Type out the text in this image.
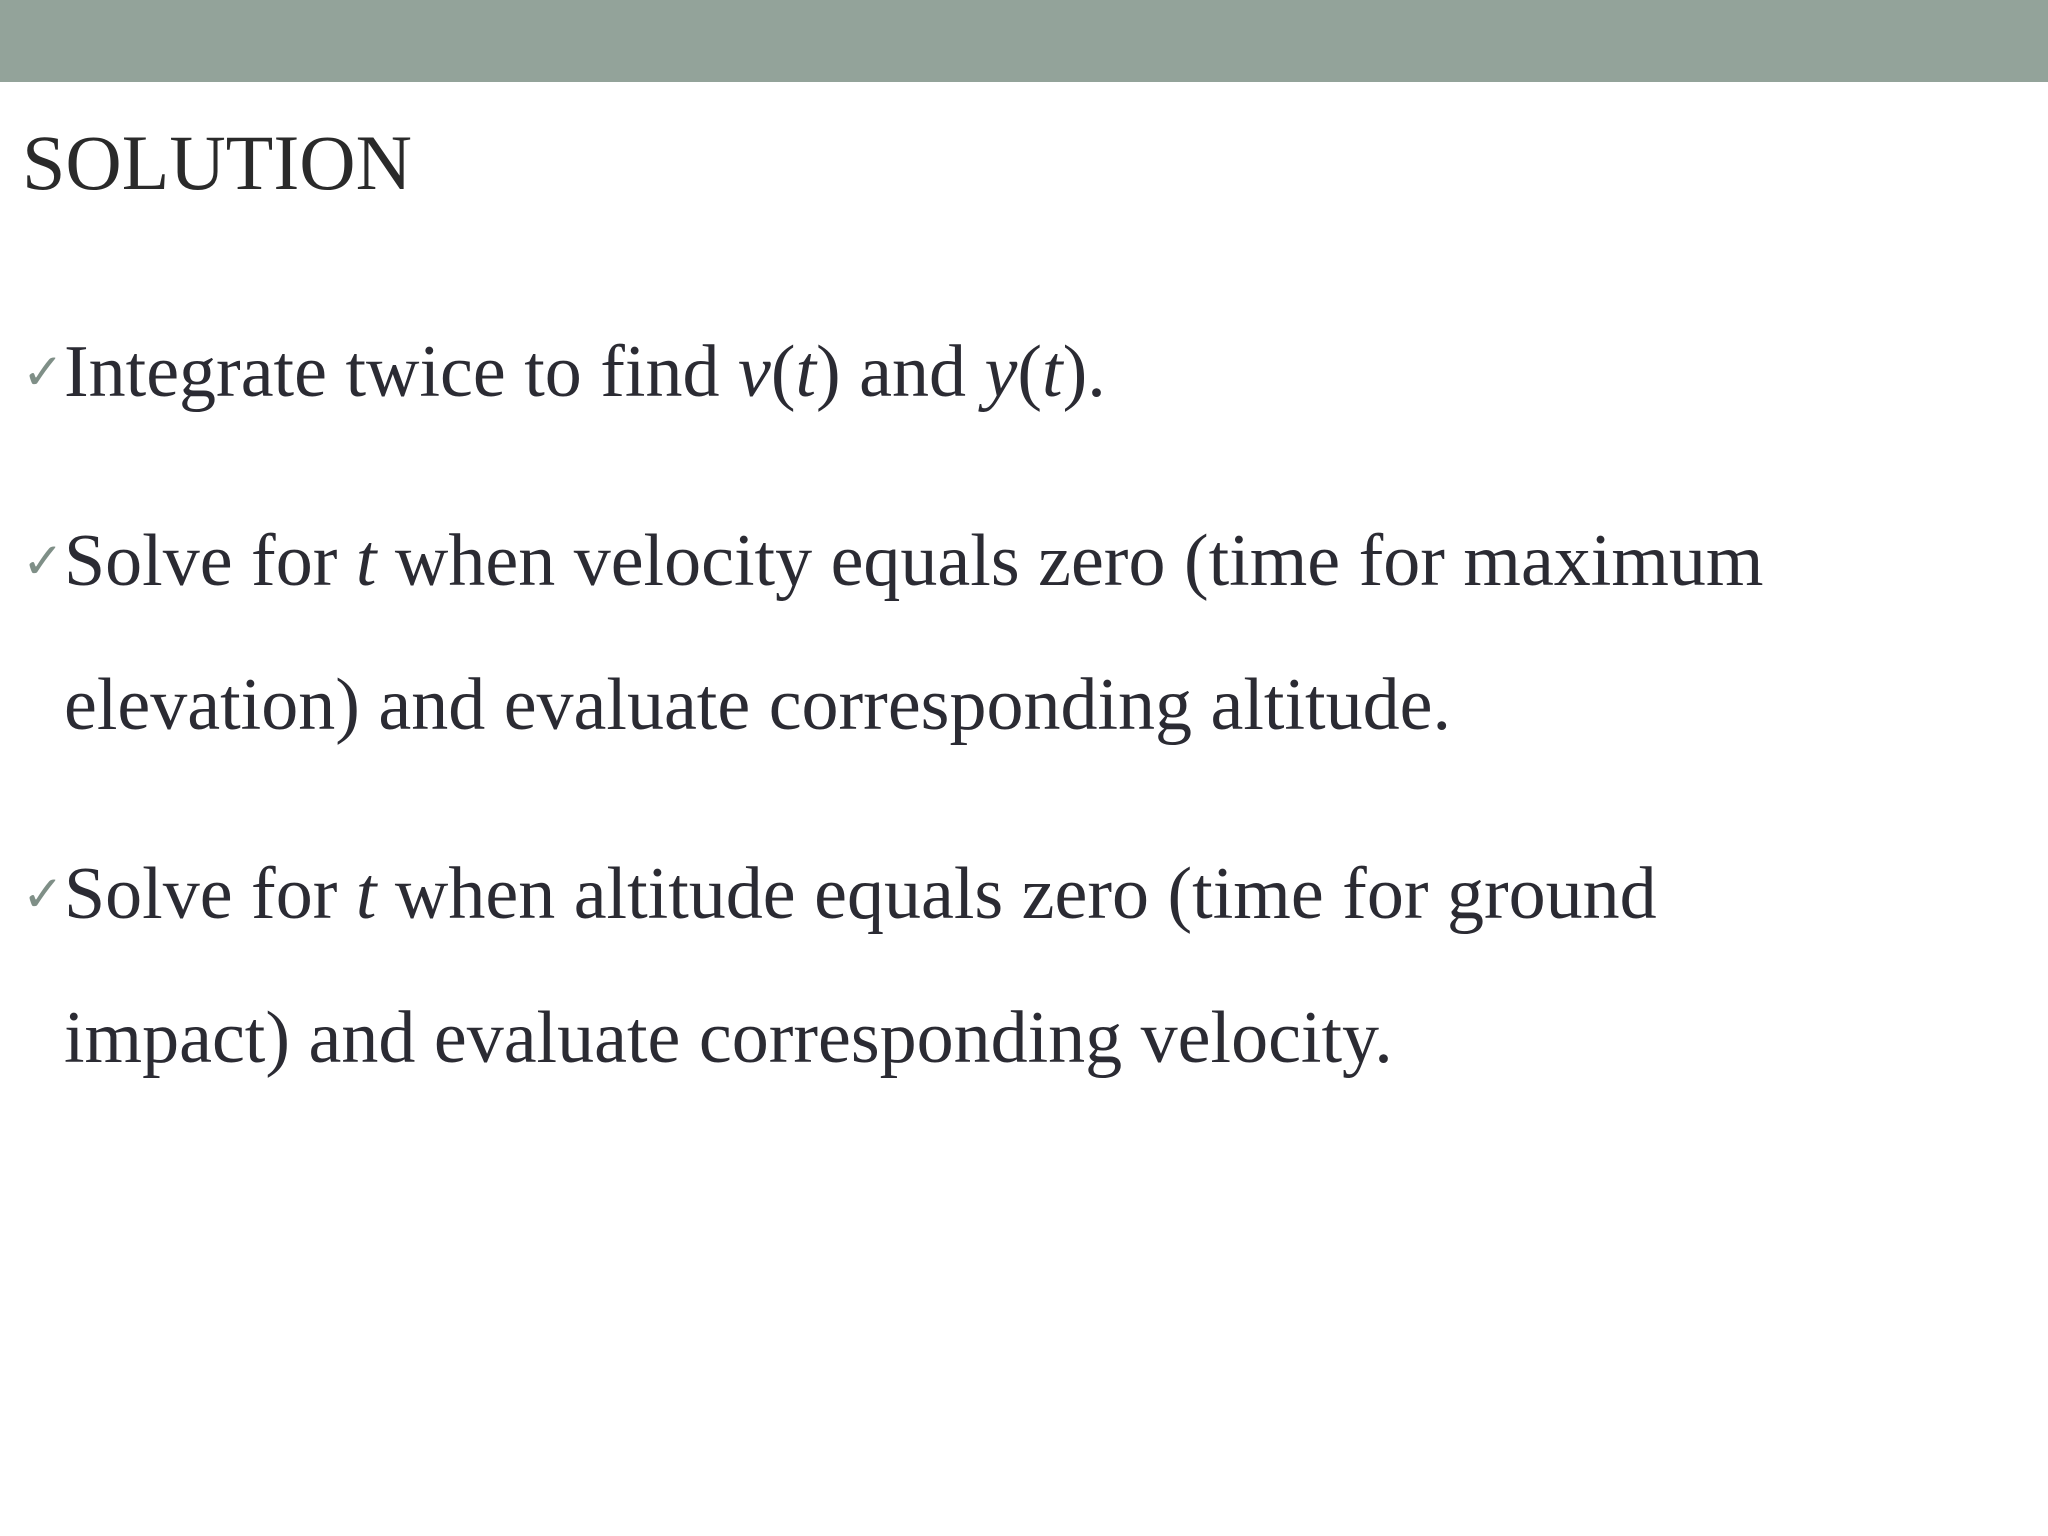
SOLUTION
✓ Integrate twice to find v(t) and y(t).
✓ Solve for t when velocity equals zero (time for maximum
elevation) and evaluate corresponding altitude.
✓ Solve for t when altitude equals zero (time for ground
impact) and evaluate corresponding velocity.
